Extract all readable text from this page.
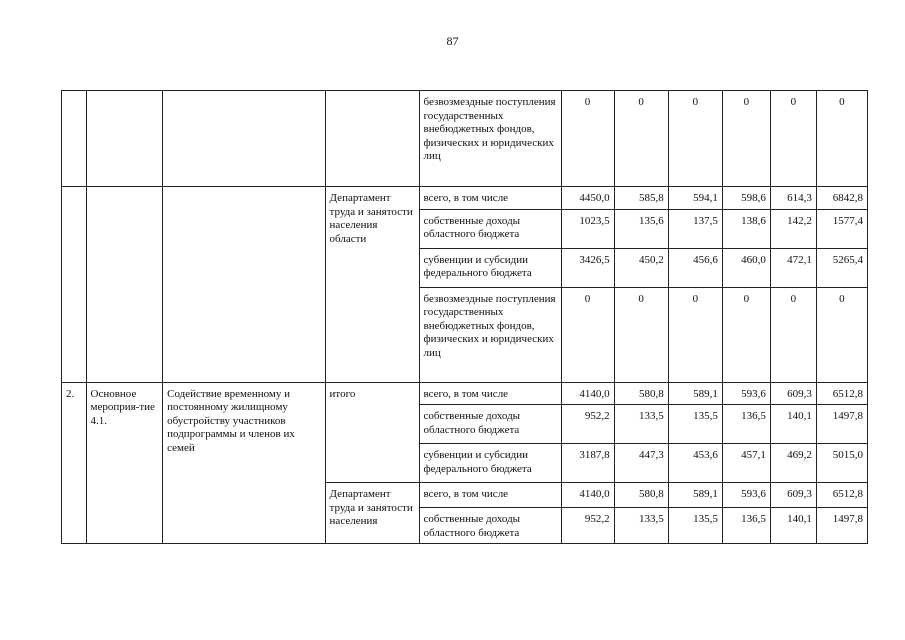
87
				безвозмездные поступления государственных внебюджетных фондов, физических и юридических лиц	0	0	0	0	0	0
			Департамент труда и занятости населения области	всего, в том числе	4450,0	585,8	594,1	598,6	614,3	6842,8
				собственные доходы областного бюджета	1023,5	135,6	137,5	138,6	142,2	1577,4
				субвенции и субсидии федерального бюджета	3426,5	450,2	456,6	460,0	472,1	5265,4
				безвозмездные поступления государственных внебюджетных фондов, физических и юридических лиц	0	0	0	0	0	0
2.	Основное мероприя-тие 4.1.	Содействие временному и постоянному жилищному обустройству участников подпрограммы и членов их семей	итого	всего, в том числе	4140,0	580,8	589,1	593,6	609,3	6512,8
				собственные доходы областного бюджета	952,2	133,5	135,5	136,5	140,1	1497,8
				субвенции и субсидии федерального бюджета	3187,8	447,3	453,6	457,1	469,2	5015,0
			Департамент труда и занятости населения	всего, в том числе	4140,0	580,8	589,1	593,6	609,3	6512,8
				собственные доходы областного бюджета	952,2	133,5	135,5	136,5	140,1	1497,8
